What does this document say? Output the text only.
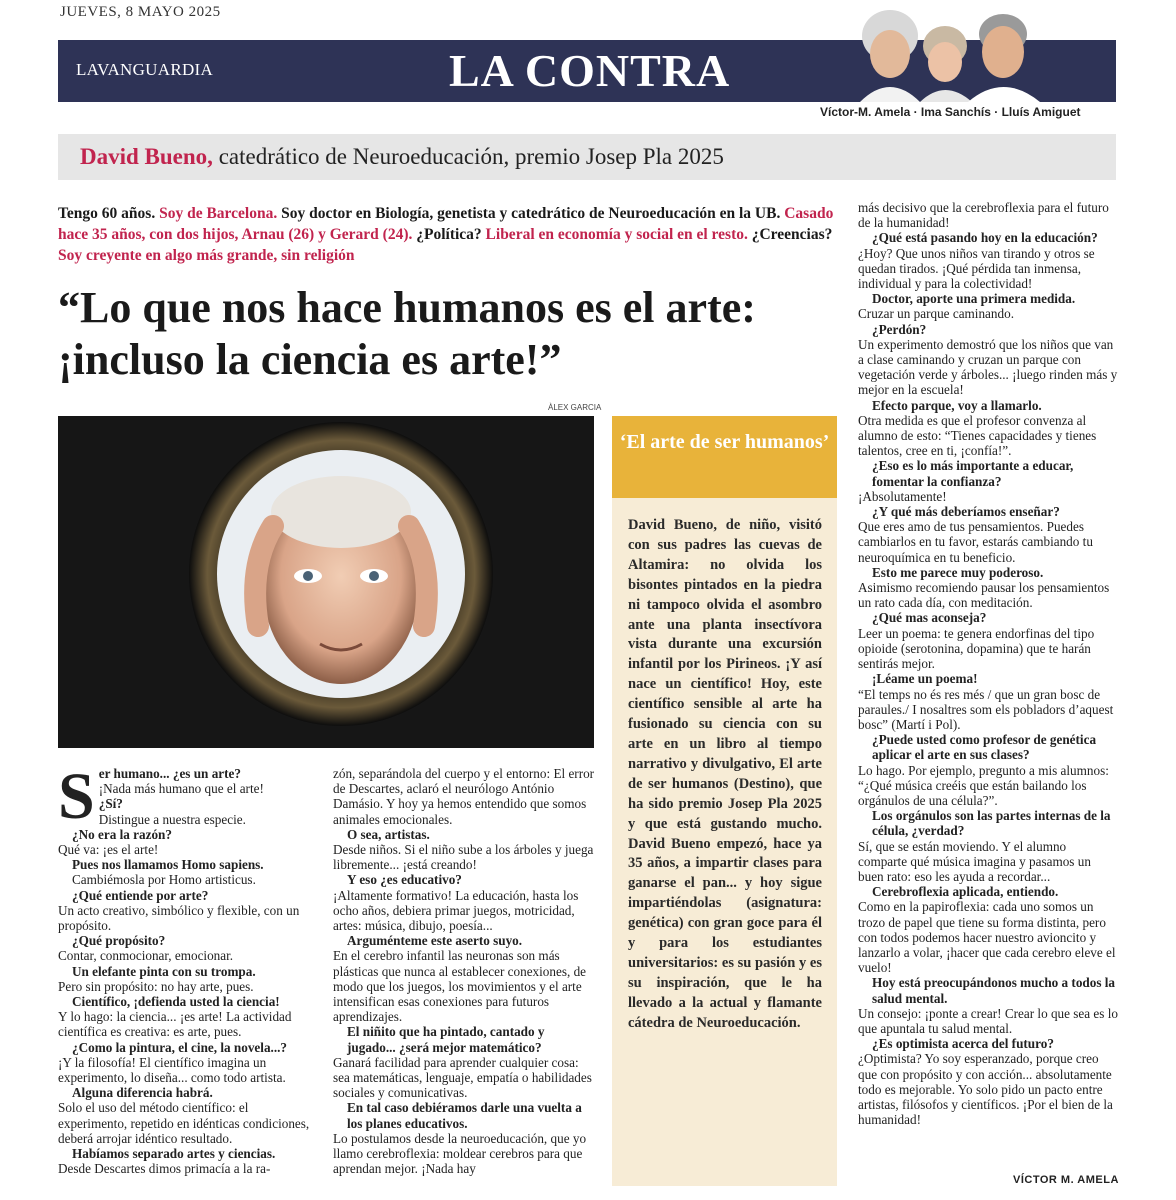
JUEVES, 8 MAYO 2025
LAVANGUARDIA	LA CONTRA
Víctor-M. Amela · Ima Sanchís · Lluís Amiguet
David Bueno, catedrático de Neuroeducación, premio Josep Pla 2025
Tengo 60 años. Soy de Barcelona. Soy doctor en Biología, genetista y catedrático de Neuroeducación en la UB. Casado hace 35 años, con dos hijos, Arnau (26) y Gerard (24). ¿Política? Liberal en economía y social en el resto. ¿Creencias? Soy creyente en algo más grande, sin religión
“Lo que nos hace humanos es el arte: ¡incluso la ciencia es arte!”
ÀLEX GARCIA
S er humano... ¿es un arte?

¡Nada más humano que el arte!

¿Sí?

Distingue a nuestra especie.

¿No era la razón?

Qué va: ¡es el arte!

Pues nos llamamos Homo sapiens.

Cambiémosla por Homo artisticus.

¿Qué entiende por arte?

Un acto creativo, simbólico y flexible, con un propósito.

¿Qué propósito?

Contar, conmocionar, emocionar.

Un elefante pinta con su trompa.

Pero sin propósito: no hay arte, pues.

Científico, ¡defienda usted la ciencia!

Y lo hago: la ciencia... ¡es arte! La actividad científica es creativa: es arte, pues.

¿Como la pintura, el cine, la novela...?

¡Y la filosofía! El científico imagina un experimento, lo diseña... como todo artista.

Alguna diferencia habrá.

Solo el uso del método científico: el experimento, repetido en idénticas condiciones, deberá arrojar idéntico resultado.

Habíamos separado artes y ciencias.

Desde Descartes dimos primacía a la ra-

zón, separándola del cuerpo y el entorno: El error de Descartes, aclaró el neurólogo António Damásio. Y hoy ya hemos entendido que somos animales emocionales.

O sea, artistas.

Desde niños. Si el niño sube a los árboles y juega libremente... ¡está creando!

Y eso ¿es educativo?

¡Altamente formativo! La educación, hasta los ocho años, debiera primar juegos, motricidad, artes: música, dibujo, poesía...

Arguméntеme este aserto suyo.

En el cerebro infantil las neuronas son más plásticas que nunca al establecer conexiones, de modo que los juegos, los movimientos y el arte intensifican esas conexiones para futuros aprendizajes.

El niñito que ha pintado, cantado y jugado... ¿será mejor matemático?

Ganará facilidad para aprender cualquier cosa: sea matemáticas, lenguaje, empatía o habilidades sociales y comunicativas.

En tal caso debiéramos darle una vuelta a los planes educativos.

Lo postulamos desde la neuroeducación, que yo llamo cerebroflexia: moldear cerebros para que aprendan mejor. ¡Nada hay

‘El arte de ser humanos’
David Bueno, de niño, visitó con sus padres las cuevas de Altamira: no olvida los bisontes pintados en la piedra ni tampoco olvida el asombro ante una planta insectívora vista durante una excursión infantil por los Pirineos. ¡Y así nace un científico! Hoy, este científico sensible al arte ha fusionado su ciencia con su arte en un libro al tiempo narrativo y divulgativo, El arte de ser humanos (Destino), que ha sido premio Josep Pla 2025 y que está gustando mucho. David Bueno empezó, hace ya 35 años, a impartir clases para ganarse el pan... y hoy sigue impartiéndolas (asignatura: genética) con gran goce para él y para los estudiantes universitarios: es su pasión y es su inspiración, que le ha llevado a la actual y flamante cátedra de Neuroeducación.

más decisivo que la cerebroflexia para el futuro de la humanidad!

¿Qué está pasando hoy en la educación?

¿Hoy? Que unos niños van tirando y otros se quedan tirados. ¡Qué pérdida tan inmensa, individual y para la colectividad!

Doctor, aporte una primera medida.

Cruzar un parque caminando.

¿Perdón?

Un experimento demostró que los niños que van a clase caminando y cruzan un parque con vegetación verde y árboles... ¡luego rinden más y mejor en la escuela!

Efecto parque, voy a llamarlo.

Otra medida es que el profesor convenza al alumno de esto: “Tienes capacidades y tienes talentos, cree en ti, ¡confía!”.

¿Eso es lo más importante a educar, fomentar la confianza?

¡Absolutamente!

¿Y qué más deberíamos enseñar?

Que eres amo de tus pensamientos. Puedes cambiarlos en tu favor, estarás cambiando tu neuroquímica en tu beneficio.

Esto me parece muy poderoso.

Asimismo recomiendo pausar los pensamientos un rato cada día, con meditación.

¿Qué mas aconseja?

Leer un poema: te genera endorfinas del tipo opioide (serotonina, dopamina) que te harán sentirás mejor.

¡Léame un poema!

“El temps no és res més / que un gran bosc de paraules./ I nosaltres som els pobladors d’aquest bosc” (Martí i Pol).

¿Puede usted como profesor de genética aplicar el arte en sus clases?

Lo hago. Por ejemplo, pregunto a mis alumnos: “¿Qué música creéis que están bailando los orgánulos de una célula?”.

Los orgánulos son las partes internas de la célula, ¿verdad?

Sí, que se están moviendo. Y el alumno comparte qué música imagina y pasamos un buen rato: eso les ayuda a recordar...

Cerebroflexia aplicada, entiendo.

Como en la papiroflexia: cada uno somos un trozo de papel que tiene su forma distinta, pero con todos podemos hacer nuestro avioncito y lanzarlo a volar, ¡hacer que cada cerebro eleve el vuelo!

Hoy está preocupándonos mucho a todos la salud mental.

Un consejo: ¡ponte a crear! Crear lo que sea es lo que apuntala tu salud mental.

¿Es optimista acerca del futuro?

¿Optimista? Yo soy esperanzado, porque creo que con propósito y con acción... absolutamente todo es mejorable. Yo solo pido un pacto entre artistas, filósofos y científicos. ¡Por el bien de la humanidad!

VÍCTOR M. AMELA
